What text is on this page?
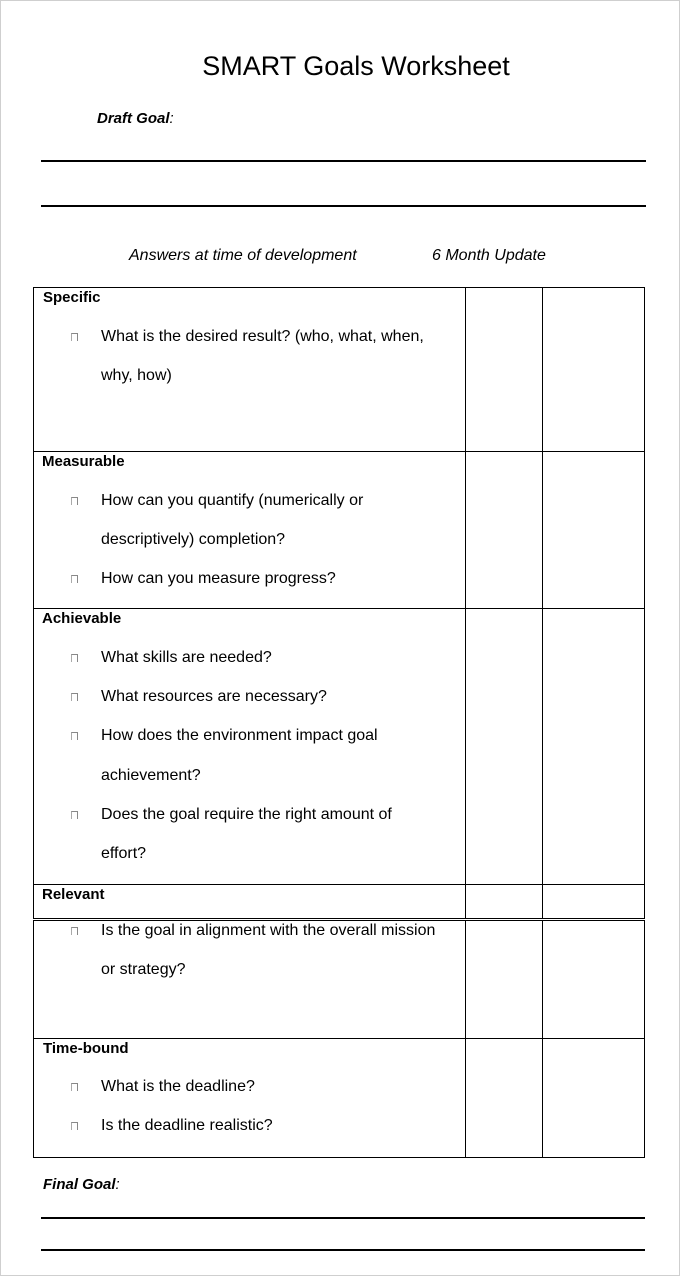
SMART Goals Worksheet
Draft Goal:
Answers at time of development	6 Month Update
Specific
What is the desired result? (who, what, when,
why, how)
Measurable
How can you quantify (numerically or
descriptively) completion?
How can you measure progress?
Achievable
What skills are needed?
What resources are necessary?
How does the environment impact goal
achievement?
Does the goal require the right amount of
effort?
Relevant
Is the goal in alignment with the overall mission
or strategy?
Time-bound
What is the deadline?
Is the deadline realistic?
Final Goal:
